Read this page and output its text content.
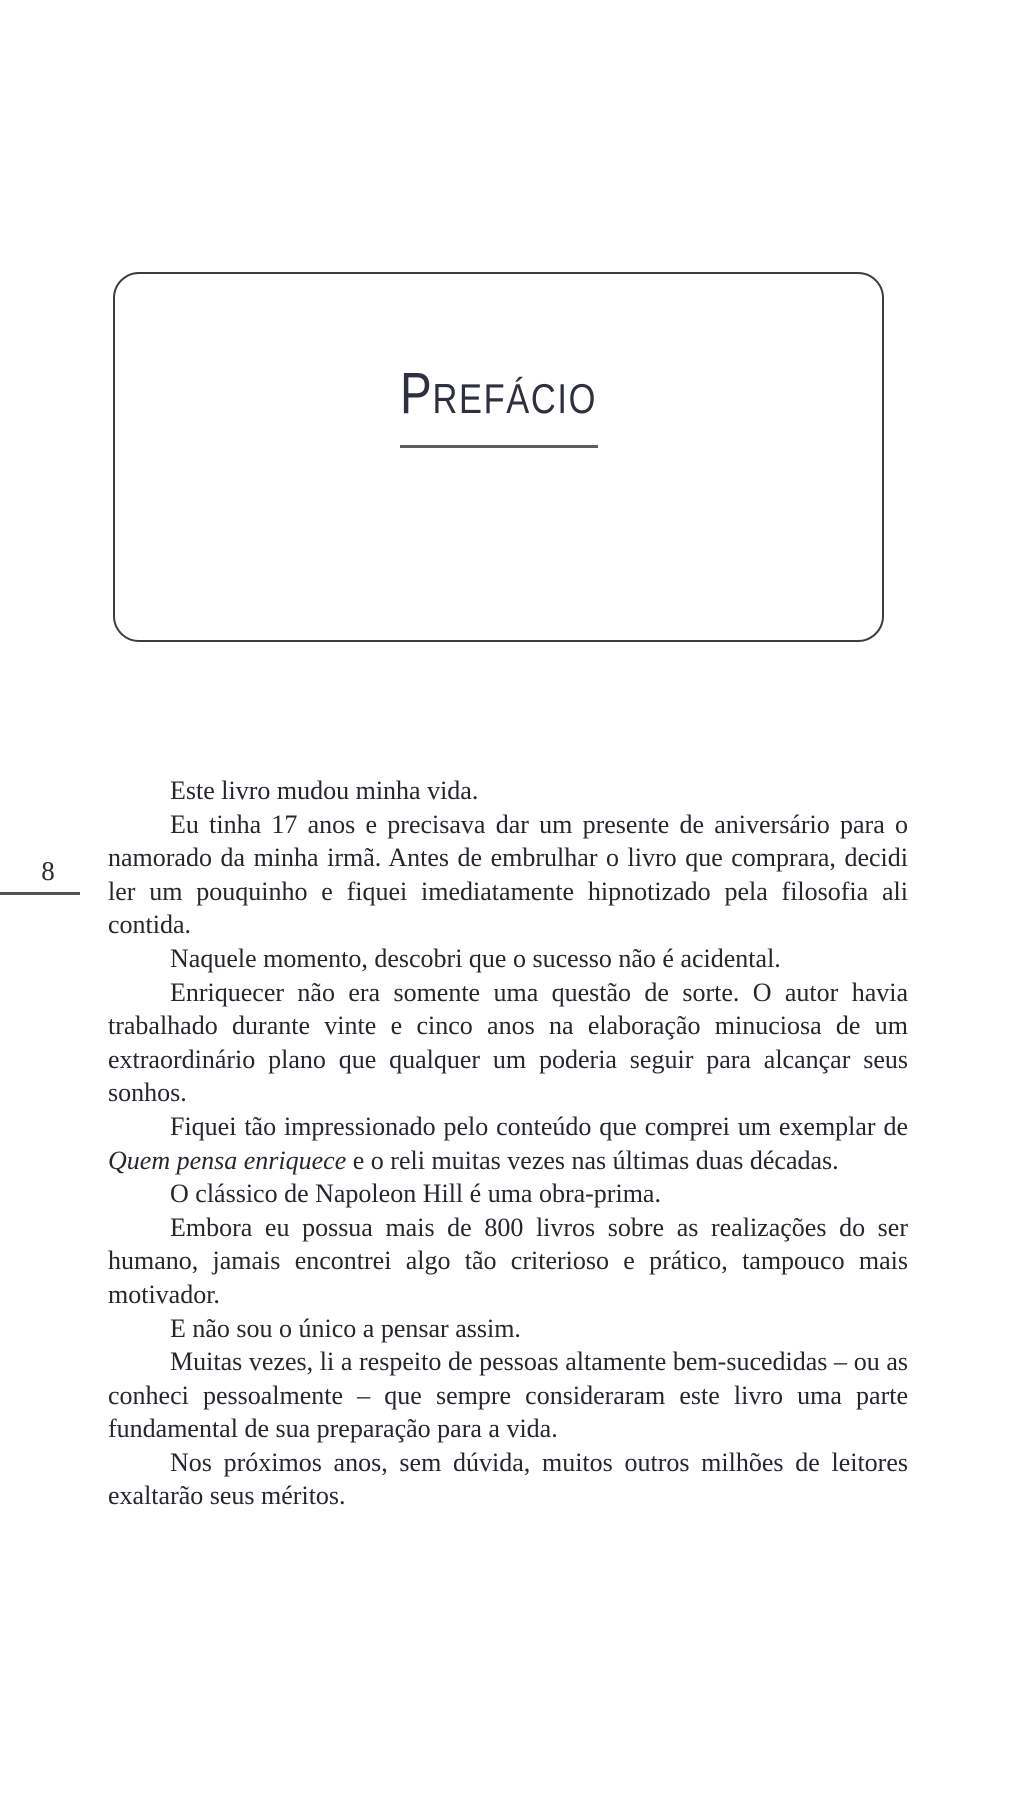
PREFÁCIO
8

Este livro mudou minha vida.

Eu tinha 17 anos e precisava dar um presente de aniversário para o namorado da minha irmã. Antes de embrulhar o livro que comprara, decidi ler um pouquinho e fiquei imediatamente hipnotizado pela filosofia ali contida.

Naquele momento, descobri que o sucesso não é acidental.

Enriquecer não era somente uma questão de sorte. O autor havia trabalhado durante vinte e cinco anos na elaboração minuciosa de um extraordinário plano que qualquer um poderia seguir para alcançar seus sonhos.

Fiquei tão impressionado pelo conteúdo que comprei um exemplar de Quem pensa enriquece e o reli muitas vezes nas últimas duas décadas.

O clássico de Napoleon Hill é uma obra-prima.

Embora eu possua mais de 800 livros sobre as realizações do ser humano, jamais encontrei algo tão criterioso e prático, tampouco mais motivador.

E não sou o único a pensar assim.

Muitas vezes, li a respeito de pessoas altamente bem-sucedidas – ou as conheci pessoalmente – que sempre consideraram este livro uma parte fundamental de sua preparação para a vida.

Nos próximos anos, sem dúvida, muitos outros milhões de leitores exaltarão seus méritos.
